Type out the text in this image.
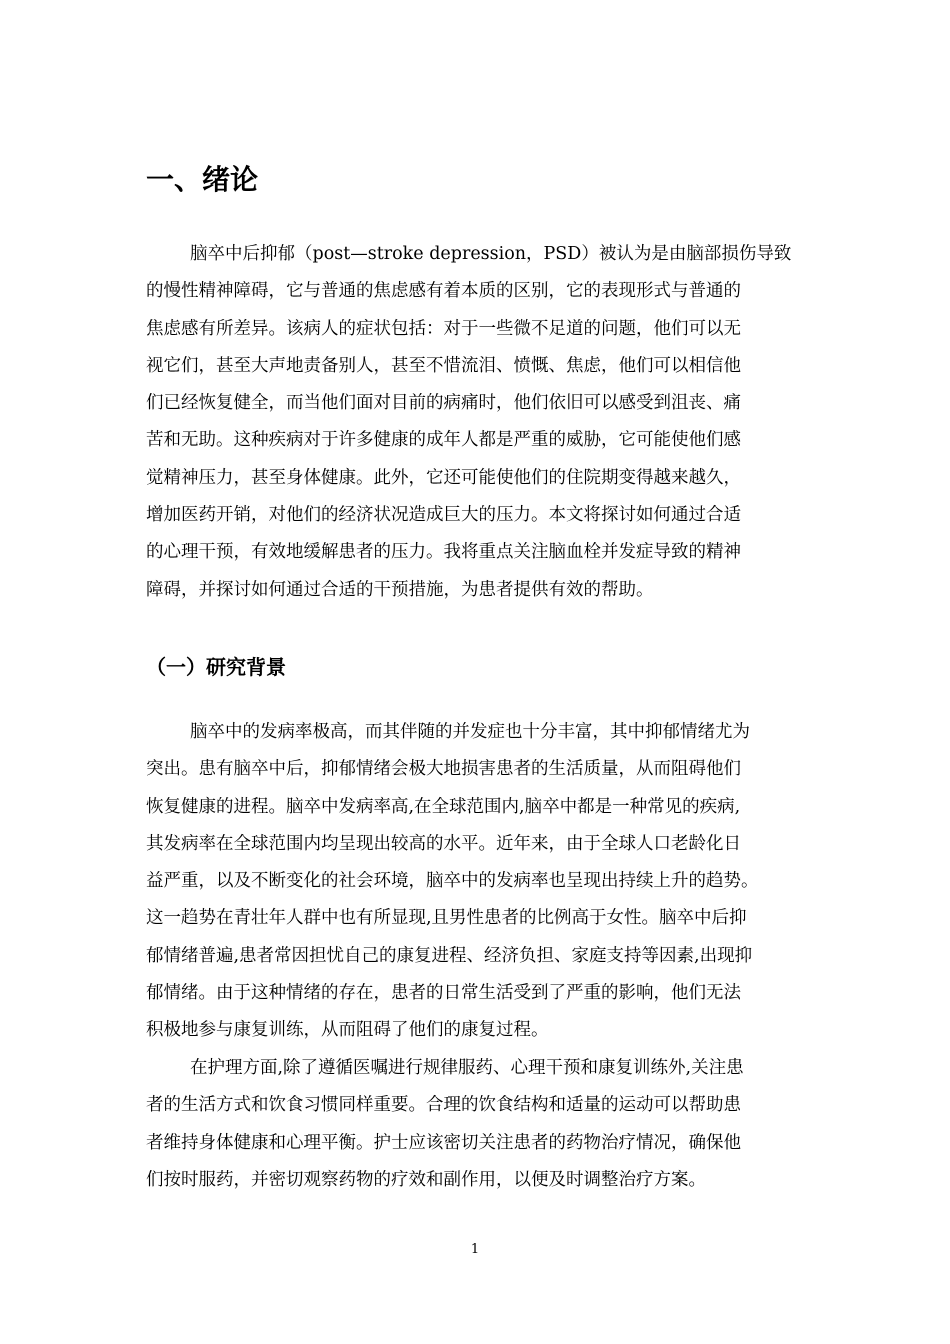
一、绪论
脑卒中后抑郁（post—stroke depression，PSD）被认为是由脑部损伤导致
的慢性精神障碍，它与普通的焦虑感有着本质的区别，它的表现形式与普通的
焦虑感有所差异。该病人的症状包括：对于一些微不足道的问题，他们可以无
视它们，甚至大声地责备别人，甚至不惜流泪、愤慨、焦虑，他们可以相信他
们已经恢复健全，而当他们面对目前的病痛时，他们依旧可以感受到沮丧、痛
苦和无助。这种疾病对于许多健康的成年人都是严重的威胁，它可能使他们感
觉精神压力，甚至身体健康。此外，它还可能使他们的住院期变得越来越久，
增加医药开销，对他们的经济状况造成巨大的压力。本文将探讨如何通过合适
的心理干预，有效地缓解患者的压力。我将重点关注脑血栓并发症导致的精神
障碍，并探讨如何通过合适的干预措施，为患者提供有效的帮助。
（一）研究背景
脑卒中的发病率极高，而其伴随的并发症也十分丰富，其中抑郁情绪尤为
突出。患有脑卒中后，抑郁情绪会极大地损害患者的生活质量，从而阻碍他们
恢复健康的进程。脑卒中发病率高,在全球范围内,脑卒中都是一种常见的疾病,
其发病率在全球范围内均呈现出较高的水平。近年来，由于全球人口老龄化日
益严重，以及不断变化的社会环境，脑卒中的发病率也呈现出持续上升的趋势。
这一趋势在青壮年人群中也有所显现,且男性患者的比例高于女性。脑卒中后抑
郁情绪普遍,患者常因担忧自己的康复进程、经济负担、家庭支持等因素,出现抑
郁情绪。由于这种情绪的存在，患者的日常生活受到了严重的影响，他们无法
积极地参与康复训练，从而阻碍了他们的康复过程。
在护理方面,除了遵循医嘱进行规律服药、心理干预和康复训练外,关注患
者的生活方式和饮食习惯同样重要。合理的饮食结构和适量的运动可以帮助患
者维持身体健康和心理平衡。护士应该密切关注患者的药物治疗情况，确保他
们按时服药，并密切观察药物的疗效和副作用，以便及时调整治疗方案。
1
